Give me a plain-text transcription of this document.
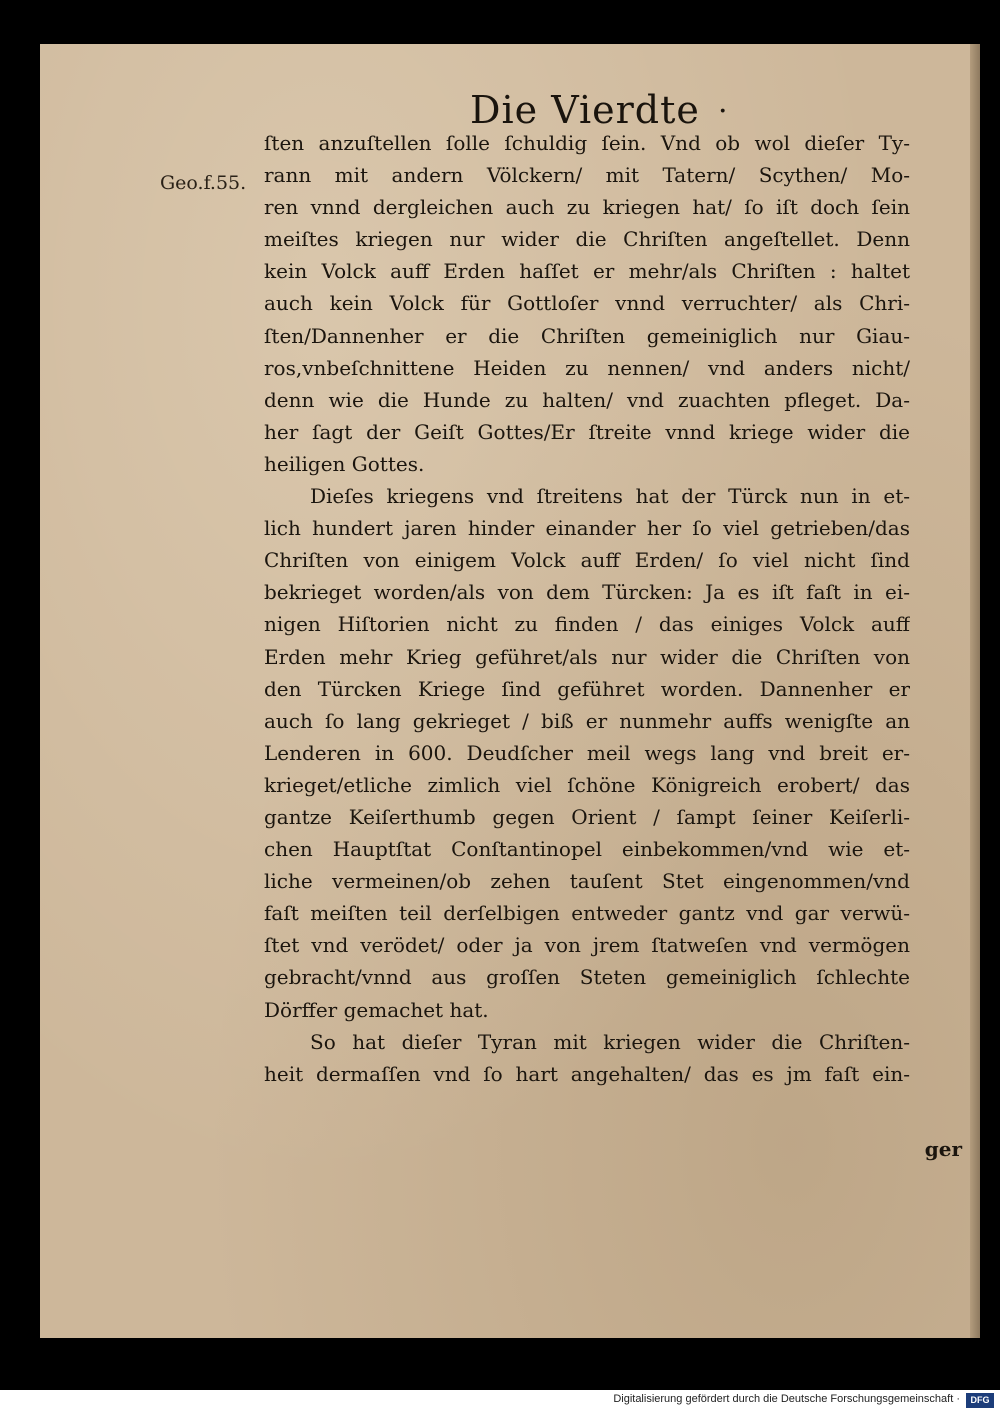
Die Vierdte ·
Geo.f.55.
ſten anzuſtellen ſolle ſchuldig ſein. Vnd ob wol dieſer Ty-
rann mit andern Völckern/ mit Tatern/ Scythen/ Mo-
ren vnnd dergleichen auch zu kriegen hat/ ſo iſt doch ſein
meiſtes kriegen nur wider die Chriſten angeſtellet. Denn
kein Volck auff Erden haſſet er mehr/als Chriſten : haltet
auch kein Volck für Gottloſer vnnd verruchter/ als Chri-
ſten/Dannenher er die Chriſten gemeiniglich nur Giau-
ros,vnbeſchnittene Heiden zu nennen/ vnd anders nicht/
denn wie die Hunde zu halten/ vnd zuachten pfleget. Da-
her ſagt der Geiſt Gottes/Er ſtreite vnnd kriege wider die
heiligen Gottes.
Dieſes kriegens vnd ſtreitens hat der Türck nun in et-
lich hundert jaren hinder einander her ſo viel getrieben/das
Chriſten von einigem Volck auff Erden/ ſo viel nicht ſind
bekrieget worden/als von dem Türcken: Ja es iſt faſt in ei-
nigen Hiſtorien nicht zu finden / das einiges Volck auff
Erden mehr Krieg geführet/als nur wider die Chriſten von
den Türcken Kriege ſind geführet worden. Dannenher er
auch ſo lang gekrieget / biß er nunmehr auffs wenigſte an
Lenderen in 600. Deudſcher meil wegs lang vnd breit er-
krieget/etliche zimlich viel ſchöne Königreich erobert/ das
gantze Keiſerthumb gegen Orient / ſampt ſeiner Keiſerli-
chen Hauptſtat Conſtantinopel einbekommen/vnd wie et-
liche vermeinen/ob zehen tauſent Stet eingenommen/vnd
faſt meiſten teil derſelbigen entweder gantz vnd gar verwü-
ſtet vnd verödet/ oder ja von jrem ſtatweſen vnd vermögen
gebracht/vnnd aus groſſen Steten gemeiniglich ſchlechte
Dörffer gemachet hat.
So hat dieſer Tyran mit kriegen wider die Chriſten-
heit dermaſſen vnd ſo hart angehalten/ das es jm faſt ein-
ger
Digitalisierung gefördert durch die Deutsche Forschungsgemeinschaft ·	DFG
